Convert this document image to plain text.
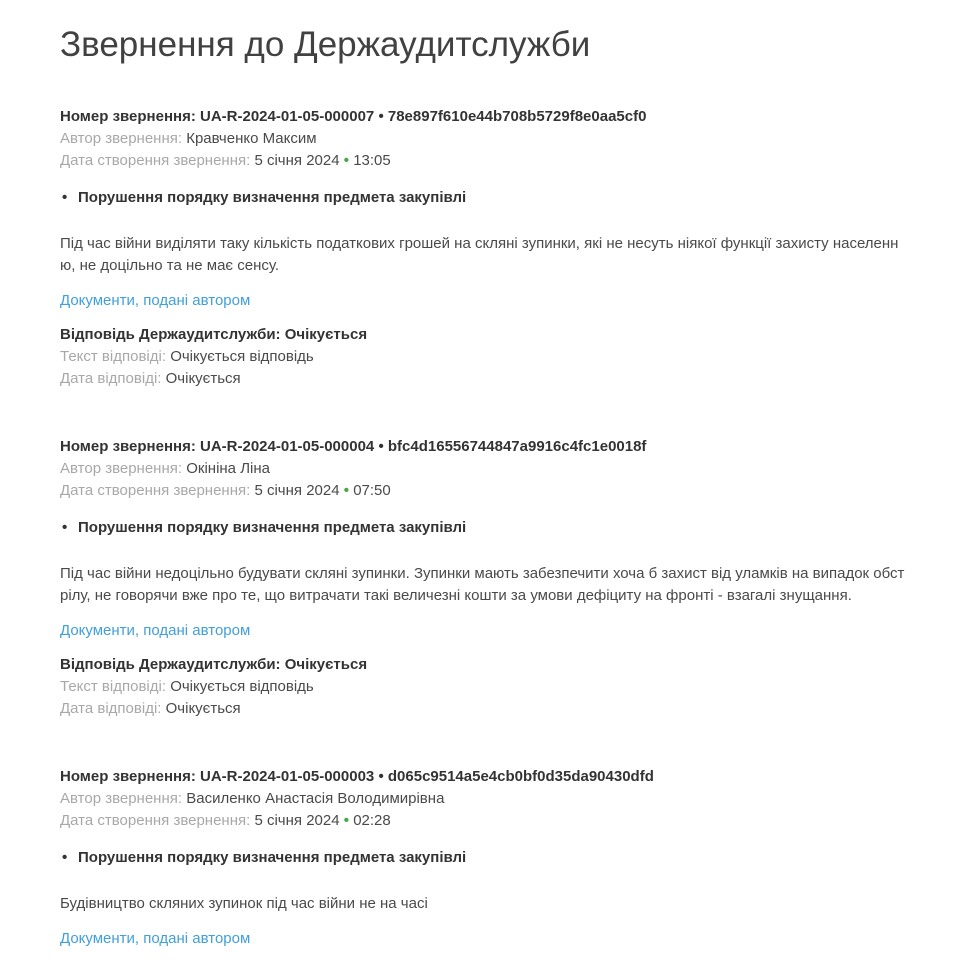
Звернення до Держаудитслужби
Номер звернення: UA-R-2024-01-05-000007 • 78e897f610e44b708b5729f8e0aa5cf0
Автор звернення: Кравченко Максим
Дата створення звернення: 5 січня 2024 • 13:05
• Порушення порядку визначення предмета закупівлі

Під час війни виділяти таку кількість податкових грошей на скляні зупинки, які не несуть ніякої функції захисту населенню, не доцільно та не має сенсу.

Документи, подані автором
Відповідь Держаудитслужби: Очікується
Текст відповіді: Очікується відповідь
Дата відповіді: Очікується
Номер звернення: UA-R-2024-01-05-000004 • bfc4d16556744847a9916c4fc1e0018f
Автор звернення: Окініна Ліна
Дата створення звернення: 5 січня 2024 • 07:50
• Порушення порядку визначення предмета закупівлі

Під час війни недоцільно будувати скляні зупинки. Зупинки мають забезпечити хоча б захист від уламків на випадок обстрілу, не говорячи вже про те, що витрачати такі величезні кошти за умови дефіциту на фронті - взагалі знущання.

Документи, подані автором
Відповідь Держаудитслужби: Очікується
Текст відповіді: Очікується відповідь
Дата відповіді: Очікується
Номер звернення: UA-R-2024-01-05-000003 • d065c9514a5e4cb0bf0d35da90430dfd
Автор звернення: Василенко Анастасія Володимирівна
Дата створення звернення: 5 січня 2024 • 02:28
• Порушення порядку визначення предмета закупівлі

Будівництво скляних зупинок під час війни не на часі

Документи, подані автором
